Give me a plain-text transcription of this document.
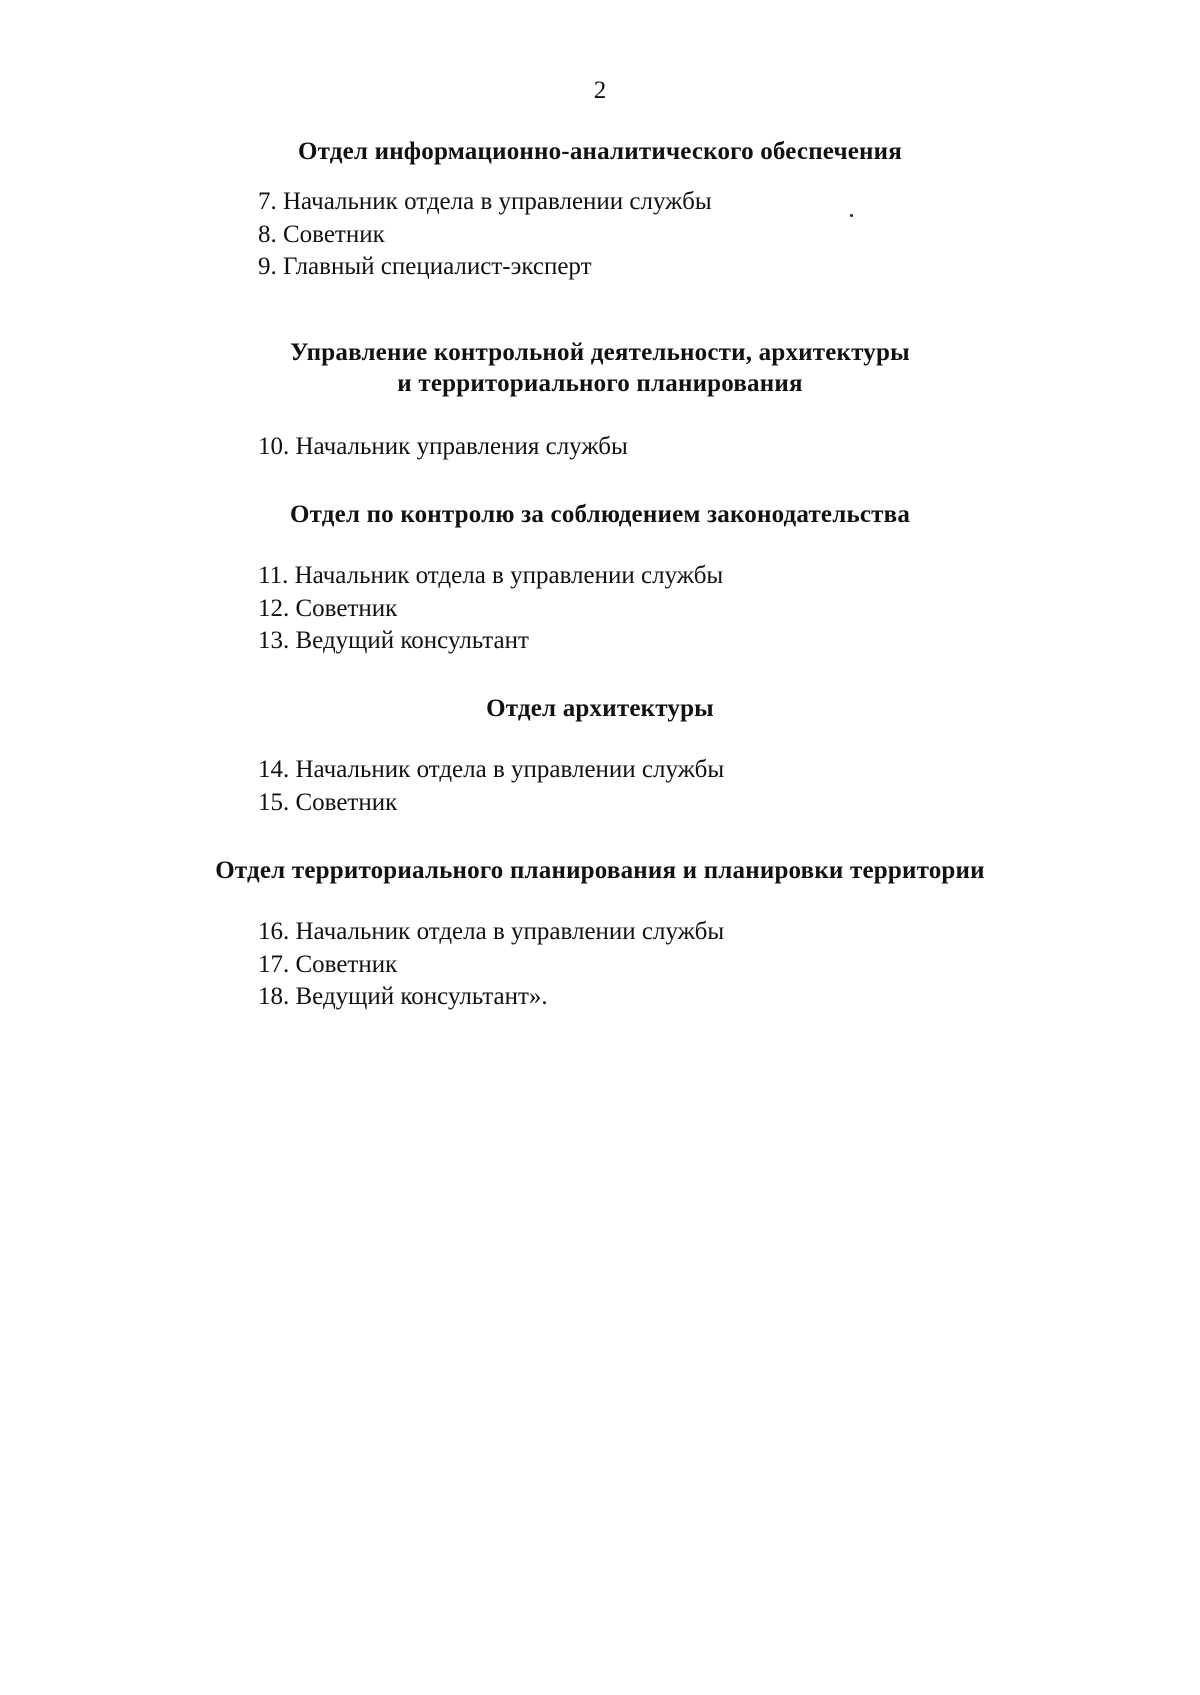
2
Отдел информационно-аналитического обеспечения
7. Начальник отдела в управлении службы
8. Советник
9. Главный специалист-эксперт
Управление контрольной деятельности, архитектуры
и территориального планирования
10. Начальник управления службы
Отдел по контролю за соблюдением законодательства
11. Начальник отдела в управлении службы
12. Советник
13. Ведущий консультант
Отдел архитектуры
14. Начальник отдела в управлении службы
15. Советник
Отдел территориального планирования и планировки территории
16. Начальник отдела в управлении службы
17. Советник
18. Ведущий консультант».
